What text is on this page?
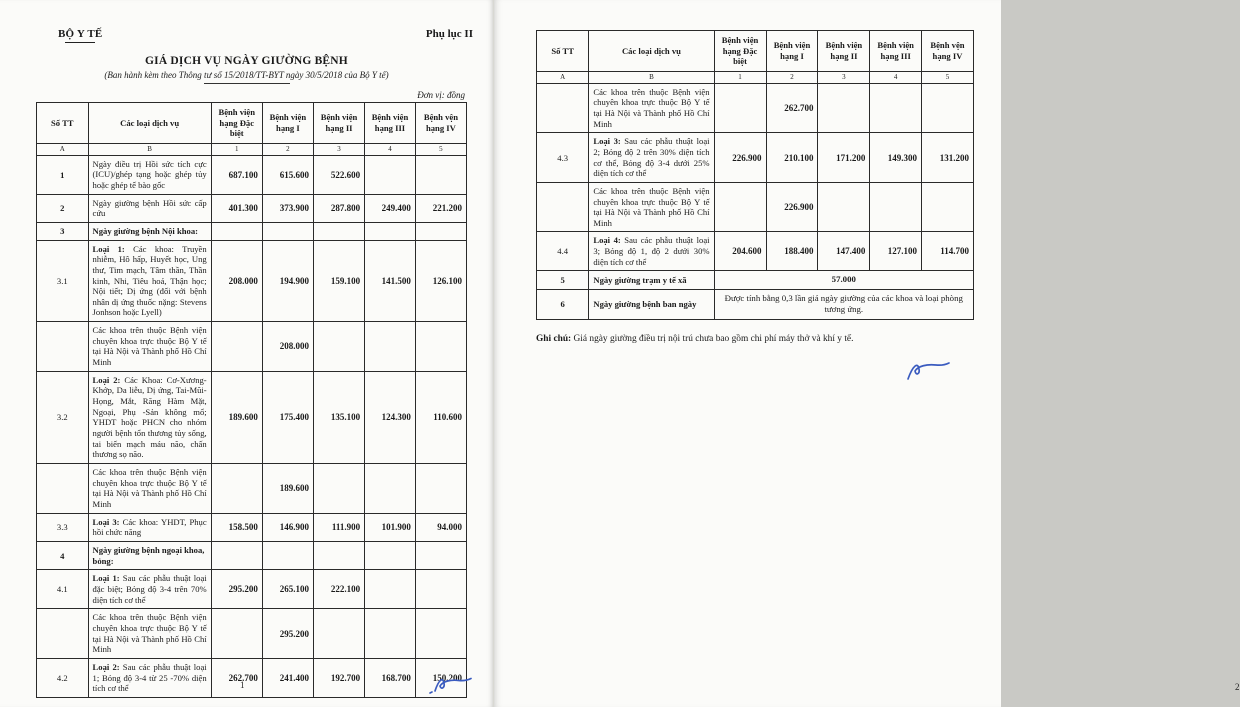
BỘ Y TẾ	Phụ lục II
GIÁ DỊCH VỤ NGÀY GIƯỜNG BỆNH
(Ban hành kèm theo Thông tư số 15/2018/TT-BYT ngày 30/5/2018 của Bộ Y tế)
Đơn vị: đồng
Số TT	Các loại dịch vụ	Bệnh viện hạng Đặc biệt	Bệnh viện hạng I	Bệnh viện hạng II	Bệnh viện hạng III	Bệnh vện hạng IV
A	B	1	2	3	4	5
1	Ngày điều trị Hồi sức tích cực (ICU)/ghép tạng hoặc ghép tủy hoặc ghép tế bào gốc	687.100	615.600	522.600		
2	Ngày giường bệnh Hồi sức cấp cứu	401.300	373.900	287.800	249.400	221.200
3	Ngày giường bệnh Nội khoa:					
3.1	Loại 1: Các khoa: Truyền nhiễm, Hô hấp, Huyết học, Ung thư, Tim mạch, Tâm thần, Thần kinh, Nhi, Tiêu hoá, Thận học; Nội tiết; Dị ứng (đối với bệnh nhân dị ứng thuốc nặng: Stevens Jonhson hoặc Lyell)	208.000	194.900	159.100	141.500	126.100
	Các khoa trên thuộc Bệnh viện chuyên khoa trực thuộc Bộ Y tế tại Hà Nội và Thành phố Hồ Chí Minh		208.000			
3.2	Loại 2: Các Khoa: Cơ-Xương-Khớp, Da liễu, Dị ứng, Tai-Mũi-Họng, Mắt, Răng Hàm Mặt, Ngoại, Phụ -Sản không mổ; YHDT hoặc PHCN cho nhóm người bệnh tổn thương tủy sống, tai biến mạch máu não, chấn thương sọ não.	189.600	175.400	135.100	124.300	110.600
	Các khoa trên thuộc Bệnh viện chuyên khoa trực thuộc Bộ Y tế tại Hà Nội và Thành phố Hồ Chí Minh		189.600			
3.3	Loại 3: Các khoa: YHDT, Phục hồi chức năng	158.500	146.900	111.900	101.900	94.000
4	Ngày giường bệnh ngoại khoa, bỏng:					
4.1	Loại 1: Sau các phẫu thuật loại đặc biệt; Bỏng độ 3-4 trên 70% diện tích cơ thể	295.200	265.100	222.100		
	Các khoa trên thuộc Bệnh viện chuyên khoa trực thuộc Bộ Y tế tại Hà Nội và Thành phố Hồ Chí Minh		295.200			
4.2	Loại 2: Sau các phẫu thuật loại 1; Bỏng độ 3-4 từ 25 -70% diện tích cơ thể	262.700	241.400	192.700	168.700	150.200
1
Số TT	Các loại dịch vụ	Bệnh viện hạng Đặc biệt	Bệnh viện hạng I	Bệnh viện hạng II	Bệnh viện hạng III	Bệnh vện hạng IV
A	B	1	2	3	4	5
	Các khoa trên thuộc Bệnh viện chuyên khoa trực thuộc Bộ Y tế tại Hà Nội và Thành phố Hồ Chí Minh		262.700			
4.3	Loại 3: Sau các phẫu thuật loại 2; Bỏng độ 2 trên 30% diện tích cơ thể, Bỏng độ 3-4 dưới 25% diện tích cơ thể	226.900	210.100	171.200	149.300	131.200
	Các khoa trên thuộc Bệnh viện chuyên khoa trực thuộc Bộ Y tế tại Hà Nội và Thành phố Hồ Chí Minh		226.900			
4.4	Loại 4: Sau các phẫu thuật loại 3; Bỏng độ 1, độ 2 dưới 30% diện tích cơ thể	204.600	188.400	147.400	127.100	114.700
5	Ngày giường trạm y tế xã	57.000				
6	Ngày giường bệnh ban ngày	Được tính bằng 0,3 lần giá ngày giường của các khoa và loại phòng tương ứng.				
Ghi chú: Giá ngày giường điều trị nội trú chưa bao gồm chi phí máy thở và khí y tế.
2
